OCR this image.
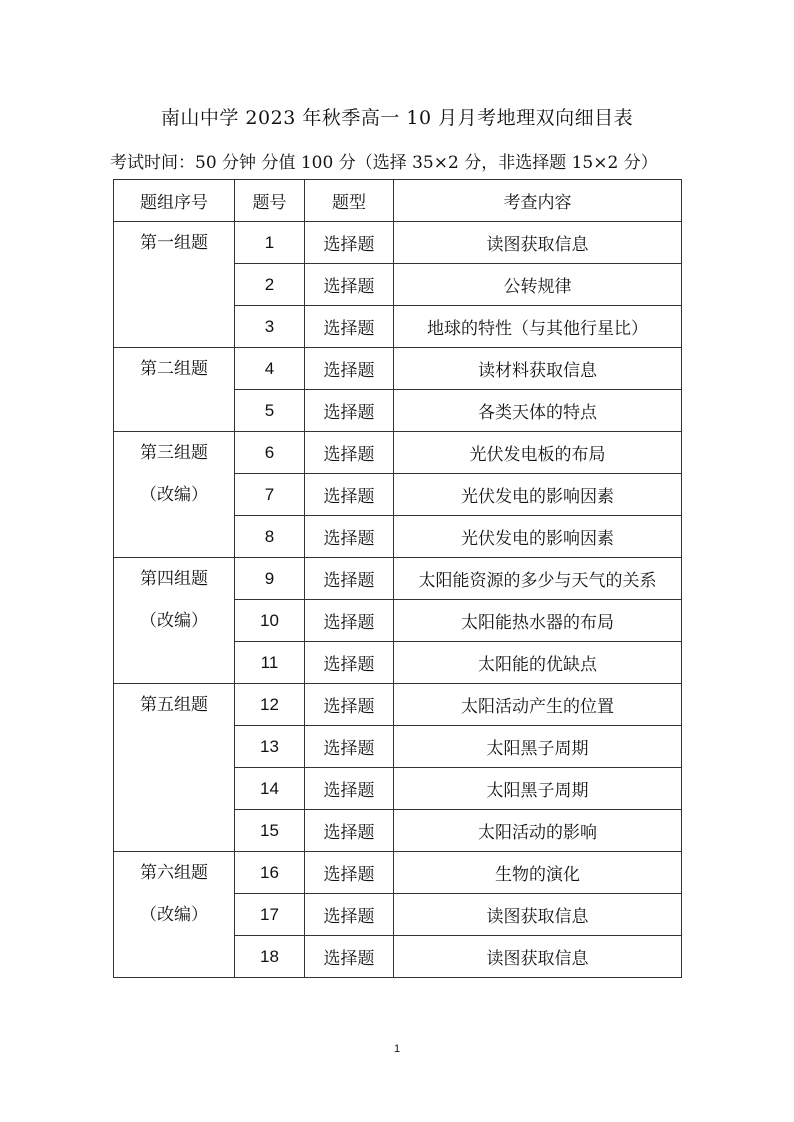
南山中学 2023 年秋季高一 10 月月考地理双向细目表
考试时间：50 分钟 分值 100 分（选择 35×2 分，非选择题 15×2 分）
题组序号	题号	题型	考查内容

第一组题	1	选择题	读图获取信息
	2	选择题	公转规律
	3	选择题	地球的特性（与其他行星比）

第二组题	4	选择题	读材料获取信息
	5	选择题	各类天体的特点

第三组题
（改编）	6	选择题	光伏发电板的布局
	7	选择题	光伏发电的影响因素
	8	选择题	光伏发电的影响因素

第四组题
（改编）	9	选择题	太阳能资源的多少与天气的关系
	10	选择题	太阳能热水器的布局
	11	选择题	太阳能的优缺点

第五组题	12	选择题	太阳活动产生的位置
	13	选择题	太阳黑子周期
	14	选择题	太阳黑子周期
	15	选择题	太阳活动的影响

第六组题
（改编）	16	选择题	生物的演化
	17	选择题	读图获取信息
	18	选择题	读图获取信息
1
